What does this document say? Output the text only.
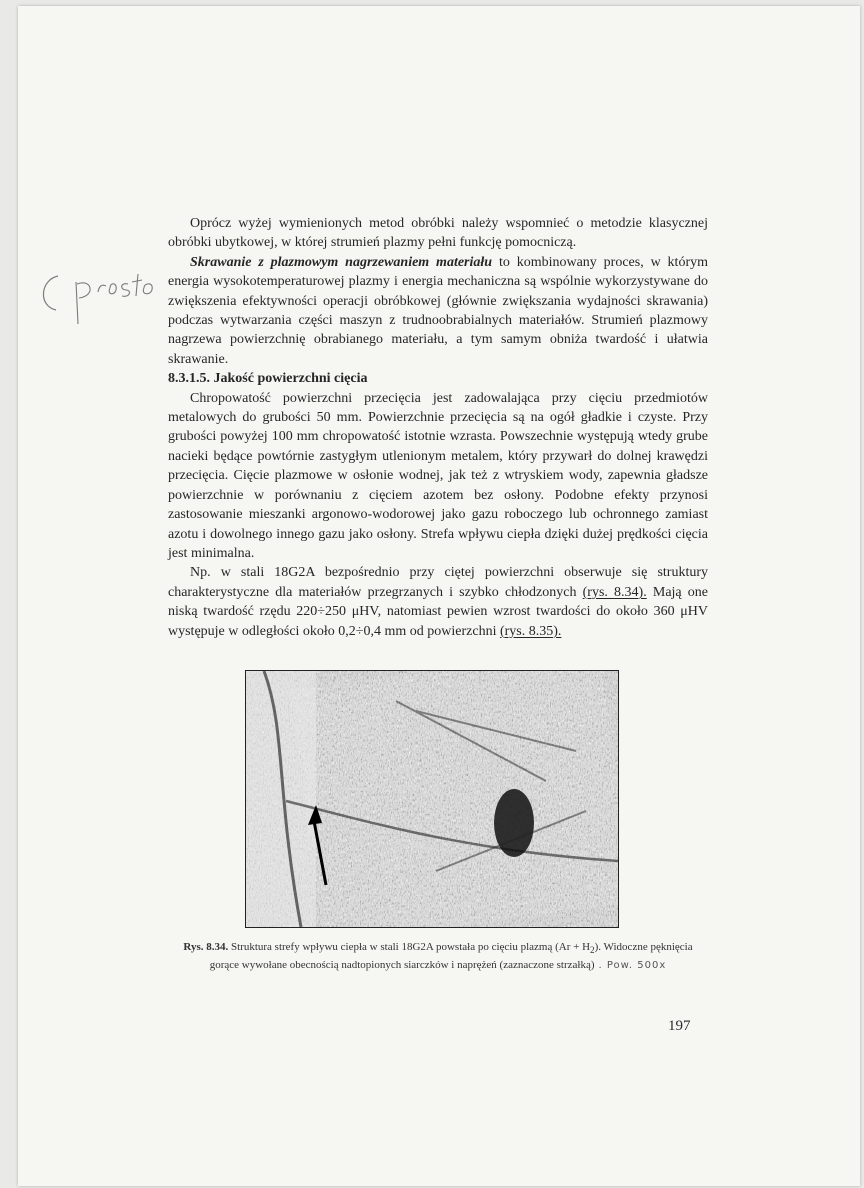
Oprócz wyżej wymienionych metod obróbki należy wspomnieć o metodzie klasycznej obróbki ubytkowej, w której strumień plazmy pełni funkcję pomocniczą.

Skrawanie z plazmowym nagrzewaniem materiału to kombinowany proces, w którym energia wysokotemperaturowej plazmy i energia mechaniczna są wspólnie wykorzystywane do zwiększenia efektywności operacji obróbkowej (głównie zwiększania wydajności skrawania) podczas wytwarzania części maszyn z trudnoobrabialnych materiałów. Strumień plazmowy nagrzewa powierzchnię obrabianego materiału, a tym samym obniża twardość i ułatwia skrawanie.

8.3.1.5. Jakość powierzchni cięcia

Chropowatość powierzchni przecięcia jest zadowalająca przy cięciu przedmiotów metalowych do grubości 50 mm. Powierzchnie przecięcia są na ogół gładkie i czyste. Przy grubości powyżej 100 mm chropowatość istotnie wzrasta. Powszechnie występują wtedy grube nacieki będące powtórnie zastygłym utlenionym metalem, który przywarł do dolnej krawędzi przecięcia. Cięcie plazmowe w osłonie wodnej, jak też z wtryskiem wody, zapewnia gładsze powierzchnie w porównaniu z cięciem azotem bez osłony. Podobne efekty przynosi zastosowanie mieszanki argonowo-wodorowej jako gazu roboczego lub ochronnego zamiast azotu i dowolnego innego gazu jako osłony. Strefa wpływu ciepła dzięki dużej prędkości cięcia jest minimalna.

Np. w stali 18G2A bezpośrednio przy ciętej powierzchni obserwuje się struktury charakterystyczne dla materiałów przegrzanych i szybko chłodzonych (rys. 8.34). Mają one niską twardość rzędu 220÷250 μHV, natomiast pewien wzrost twardości do około 360 μHV występuje w odległości około 0,2÷0,4 mm od powierzchni (rys. 8.35).

Rys. 8.34. Struktura strefy wpływu ciepła w stali 18G2A powstała po cięciu plazmą $(Ar + H_2)$. Widoczne pęknięcia gorące wywołane obecnością nadtopionych siarczków i naprężeń (zaznaczone strzałką) . Pow. 500x
197
